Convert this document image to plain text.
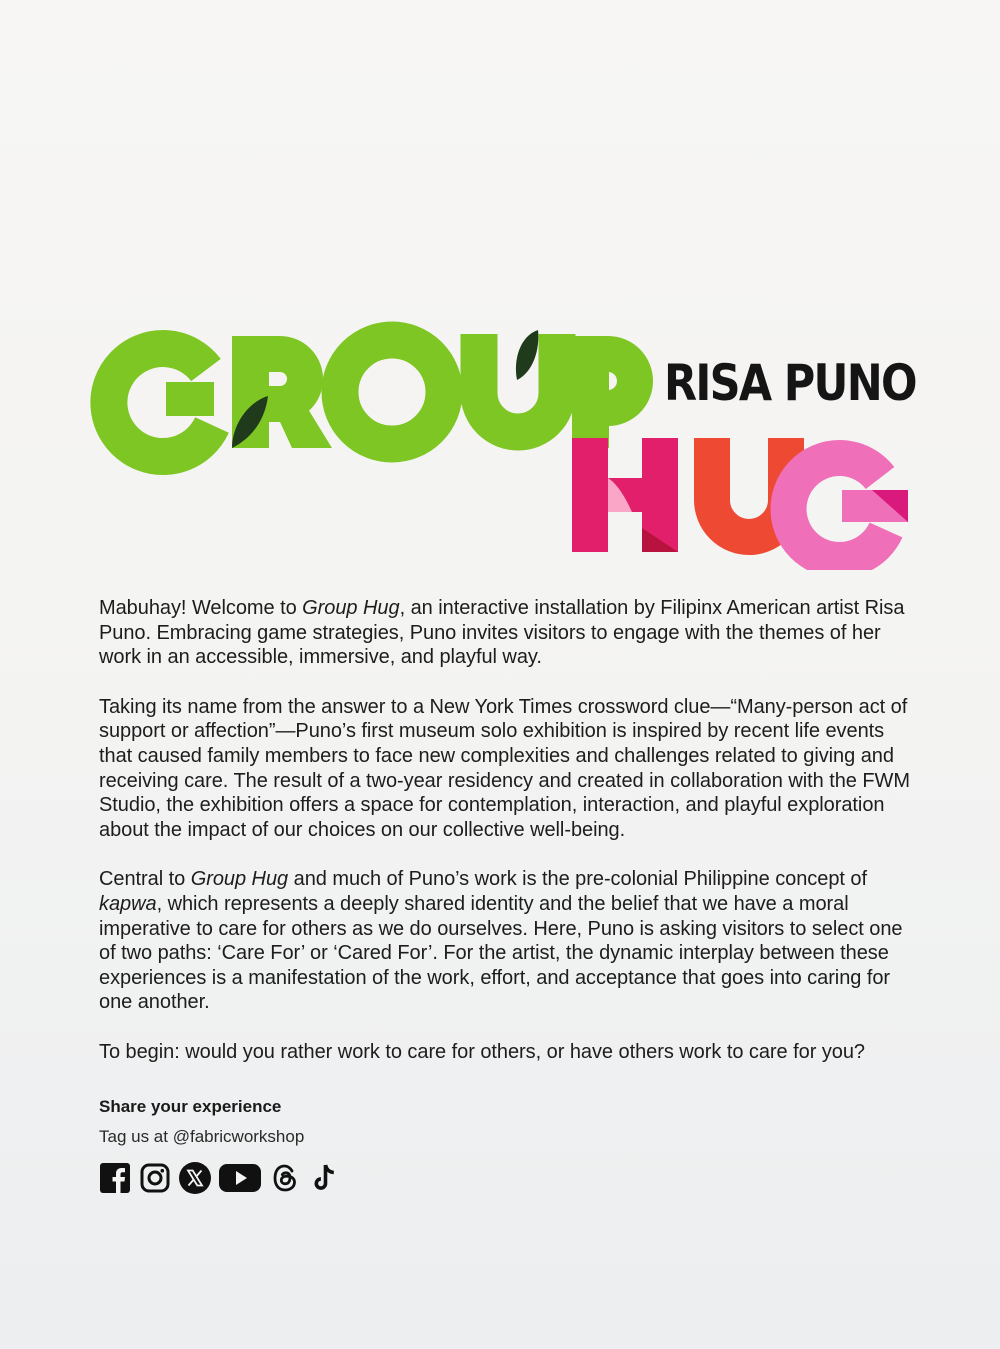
RISA PUNO

Mabuhay! Welcome to Group Hug, an interactive installation by Filipinx American artist Risa Puno. Embracing game strategies, Puno invites visitors to engage with the themes of her work in an accessible, immersive, and playful way.

Taking its name from the answer to a New York Times crossword clue—“Many-person act of support or affection”—Puno’s first museum solo exhibition is inspired by recent life events that caused family members to face new complexities and challenges related to giving and receiving care. The result of a two-year residency and created in collaboration with the FWM Studio, the exhibition offers a space for contemplation, interaction, and playful exploration about the impact of our choices on our collective well-being.

Central to Group Hug and much of Puno’s work is the pre-colonial Philippine concept of kapwa, which represents a deeply shared identity and the belief that we have a moral imperative to care for others as we do ourselves. Here, Puno is asking visitors to select one of two paths: ‘Care For’ or ‘Cared For’. For the artist, the dynamic interplay between these experiences is a manifestation of the work, effort, and acceptance that goes into caring for one another.

To begin: would you rather work to care for others, or have others work to care for you?

Share your experience
Tag us at @fabricworkshop
